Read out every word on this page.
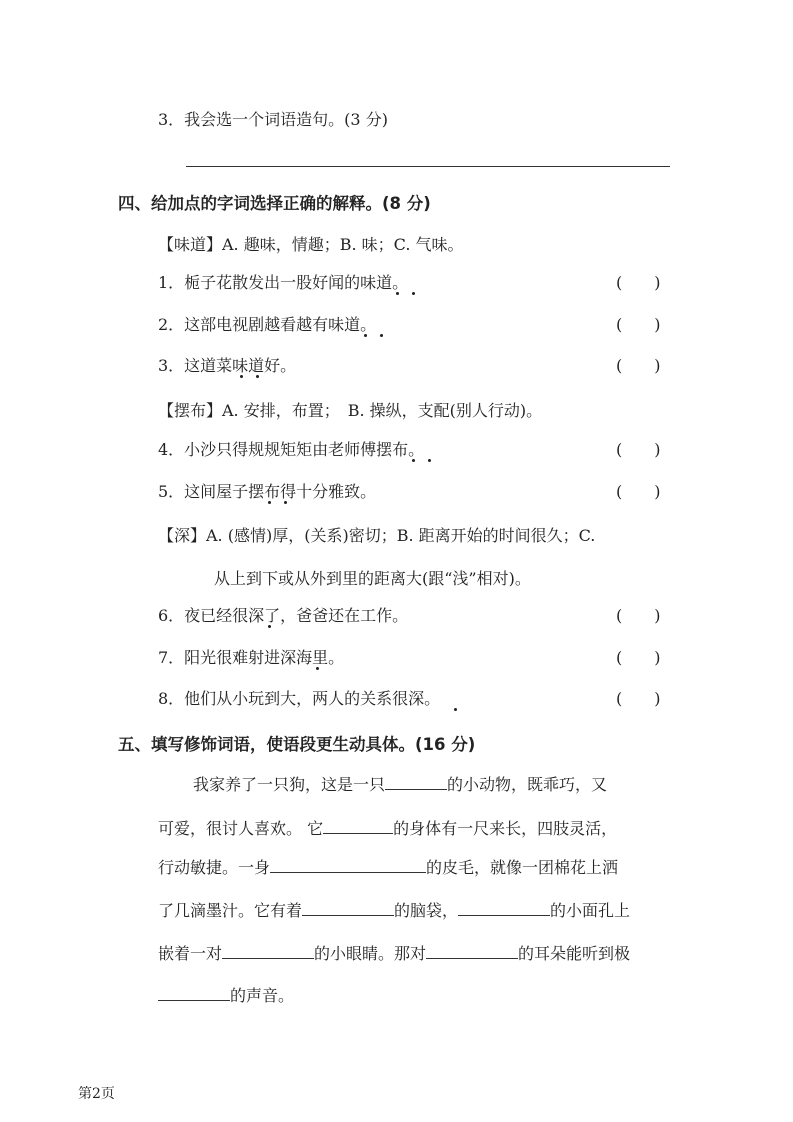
3．我会选一个词语造句。(3 分)
四、给加点的字词选择正确的解释。(8 分)
【味道】A. 趣味，情趣；B. 味；C. 气味。
1．栀子花散发出一股好闻的味道。	(　　)
2．这部电视剧越看越有味道。	(　　)
3．这道菜味道好。	(　　)
【摆布】A. 安排，布置；　B. 操纵，支配(别人行动)。
4．小沙只得规规矩矩由老师傅摆布。	(　　)
5．这间屋子摆布得十分雅致。	(　　)
【深】A. (感情)厚，(关系)密切；B. 距离开始的时间很久；C.
从上到下或从外到里的距离大(跟“浅”相对)。
6．夜已经很深了，爸爸还在工作。	(　　)
7．阳光很难射进深海里。	(　　)
8．他们从小玩到大，两人的关系很深。	(　　)
五、填写修饰词语，使语段更生动具体。(16 分)
我家养了一只狗，这是一只	的小动物，既乖巧，又
可爱，很讨人喜欢。 它	的身体有一尺来长，四肢灵活，
行动敏捷。一身	的皮毛，就像一团棉花上洒
了几滴墨汁。它有着	的脑袋，	的小面孔上
嵌着一对	的小眼睛。那对	的耳朵能听到极
的声音。
第2页
